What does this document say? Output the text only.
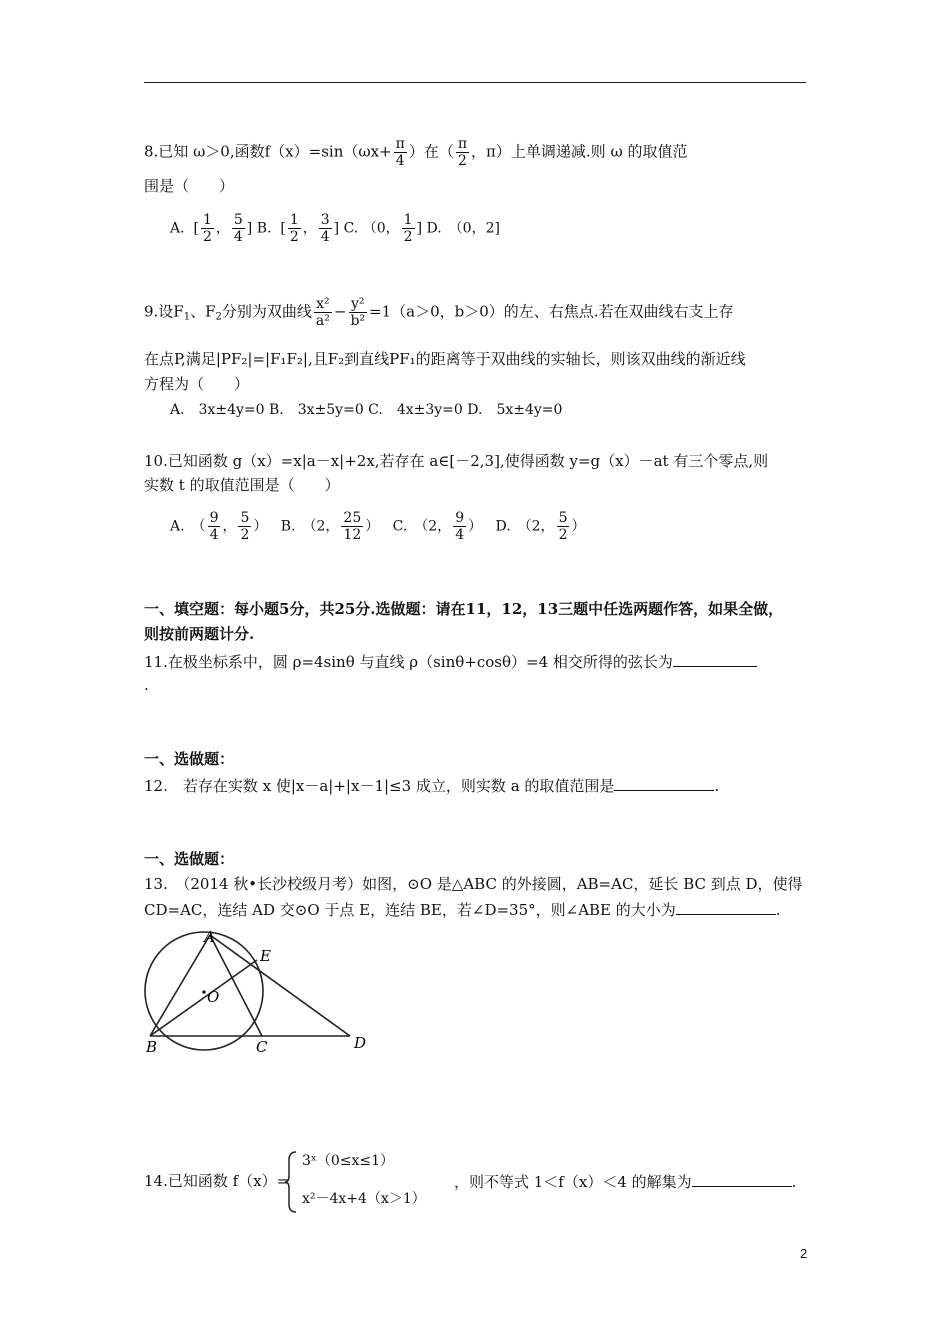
8.已知 ω＞0,函数$f(x)=\sin(\omega x+ \frac{\pi}{4}$ ）在（ $\frac{\pi}{2}$ ，π）上单调递减.则 ω 的取值范
围是（　　）
A.  [ $\frac{1}{2}$ ， $\frac{5}{4}$ ] B.  [ $\frac{1}{2}$ ， $\frac{3}{4}$ ] C. （0， $\frac{1}{2}$ ] D.　（0，2]
9.设$F_1$、$F_2$分别为双曲线 $\frac{\text{x²}}{\text{a²}} - \frac{\text{y²}}{\text{b²}} =1(a>0$，b＞0）的左、右焦点.若在双曲线右支上存
在点P,满足|PF₂|=|F₁F₂|,且F₂到直线PF₁的距离等于双曲线的实轴长，则该双曲线的渐近线
方程为（　　）
A.　3x±4y=0 B.　3x±5y=0 C.　4x±3y=0 D.　5x±4y=0
10.已知函数 g（x）=x|a－x|+2x,若存在 a∈[－2,3],使得函数 y=g（x）－at 有三个零点,则
实数 t 的取值范围是（　　）
A.　（ $\frac{9}{4}$ ， $\frac{5}{2}$ ） B.　（2， $\frac{25}{12}$ ） C.　（2， $\frac{9}{4}$ ） D.　（2， $\frac{5}{2}$ ）
一、填空题：每小题5分，共25分.选做题：请在11，12，13三题中任选两题作答，如果全做，
则按前两题计分.
11.在极坐标系中，圆 ρ=4sinθ 与直线 ρ（sinθ+cosθ）=4 相交所得的弦长为
.
一、选做题：
12.　若存在实数 x 使|x－a|+|x－1|≤3 成立，则实数 a 的取值范围是	.
一、选做题：
13.　（2014 秋•长沙校级月考）如图，⊙O 是△ABC 的外接圆，AB=AC，延长 BC 到点 D，使得
CD=AC，连结 AD 交⊙O 于点 E，连结 BE，若∠D=35°，则∠ABE 的大小为	.
A
E
O
B	C	D
14.已知函数 f（x）=
3ˣ（0≤x≤1）
x²－4x+4（x＞1）
，则不等式 1＜f（x）＜4 的解集为	.
2
